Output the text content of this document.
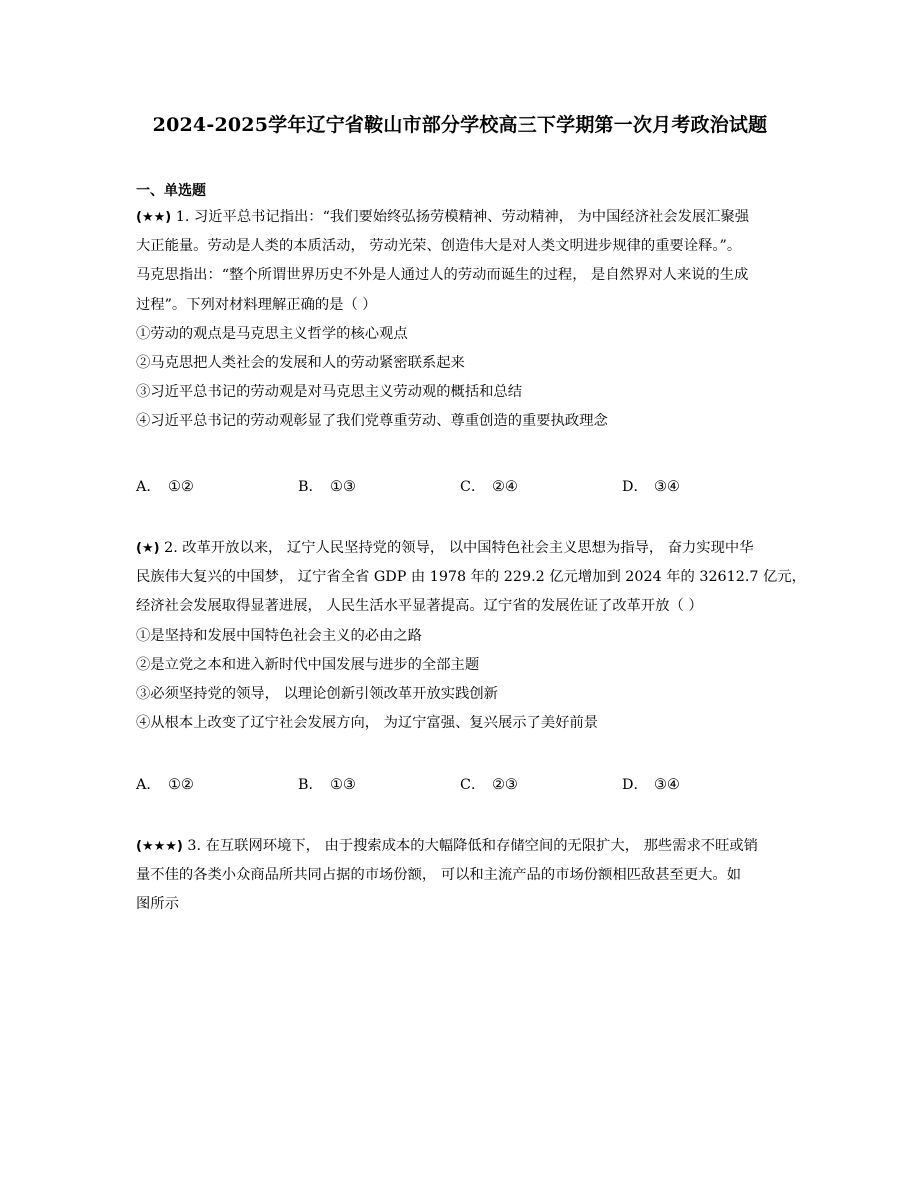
2024-2025学年辽宁省鞍山市部分学校高三下学期第一次月考政治试题
一、单选题
(★★) 1. 习近平总书记指出：“我们要始终弘扬劳模精神、劳动精神， 为中国经济社会发展汇聚强
大正能量。劳动是人类的本质活动， 劳动光荣、创造伟大是对人类文明进步规律的重要诠释。”。
马克思指出：“整个所谓世界历史不外是人通过人的劳动而诞生的过程， 是自然界对人来说的生成
过程”。下列对材料理解正确的是（ ）
①劳动的观点是马克思主义哲学的核心观点
②马克思把人类社会的发展和人的劳动紧密联系起来
③习近平总书记的劳动观是对马克思主义劳动观的概括和总结
④习近平总书记的劳动观彰显了我们党尊重劳动、尊重创造的重要执政理念
A． ①②	B． ①③	C． ②④	D． ③④
(★) 2. 改革开放以来， 辽宁人民坚持党的领导， 以中国特色社会主义思想为指导， 奋力实现中华
民族伟大复兴的中国梦， 辽宁省全省 GDP 由 1978 年的 229.2 亿元增加到 2024 年的 32612.7 亿元，
经济社会发展取得显著进展， 人民生活水平显著提高。辽宁省的发展佐证了改革开放（ ）
①是坚持和发展中国特色社会主义的必由之路
②是立党之本和进入新时代中国发展与进步的全部主题
③必须坚持党的领导， 以理论创新引领改革开放实践创新
④从根本上改变了辽宁社会发展方向， 为辽宁富强、复兴展示了美好前景
A． ①②	B． ①③	C． ②③	D． ③④
(★★★) 3. 在互联网环境下， 由于搜索成本的大幅降低和存储空间的无限扩大， 那些需求不旺或销
量不佳的各类小众商品所共同占据的市场份额， 可以和主流产品的市场份额相匹敌甚至更大。如
图所示
